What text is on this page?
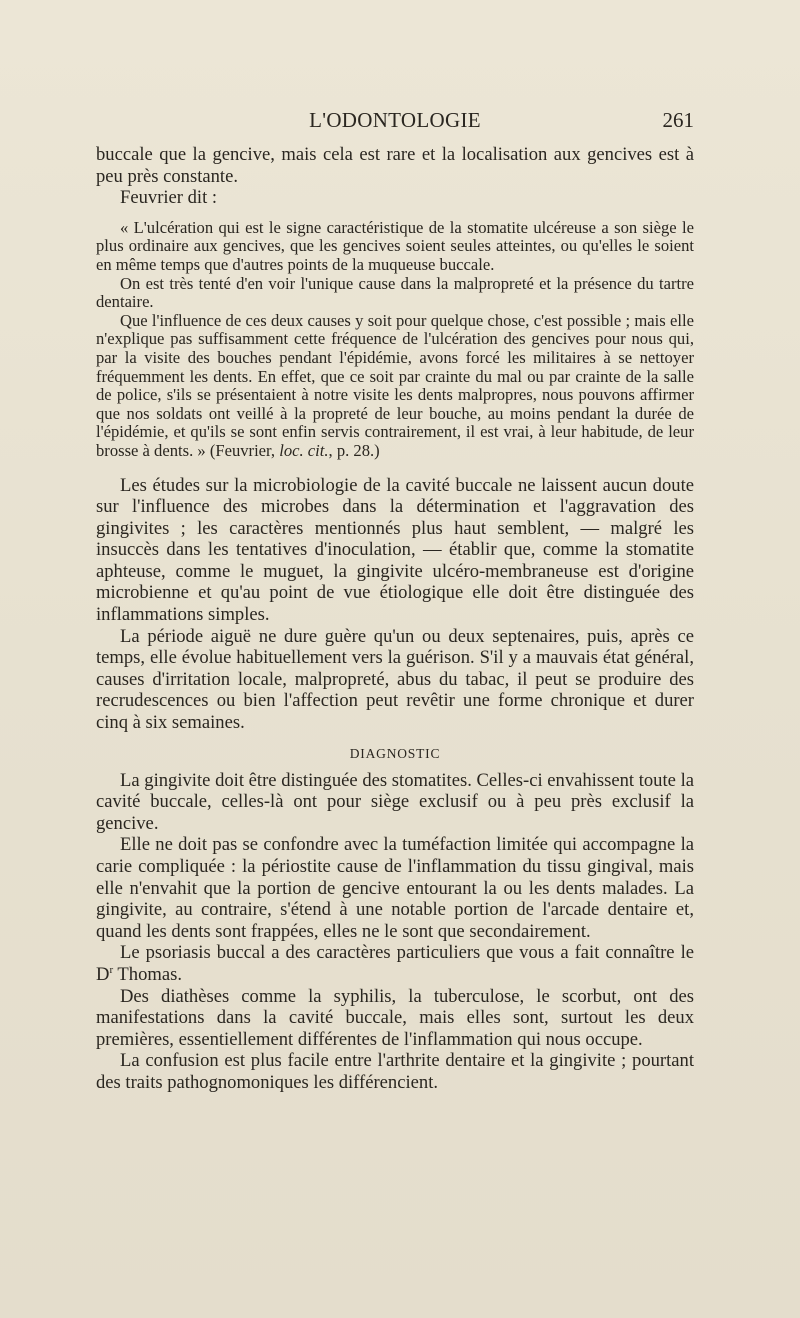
L'ODONTOLOGIE	261

buccale que la gencive, mais cela est rare et la localisation aux gencives est à peu près constante.

Feuvrier dit :

« L'ulcération qui est le signe caractéristique de la stomatite ulcéreuse a son siège le plus ordinaire aux gencives, que les gencives soient seules atteintes, ou qu'elles le soient en même temps que d'autres points de la muqueuse buccale.

On est très tenté d'en voir l'unique cause dans la malpropreté et la présence du tartre dentaire.

Que l'influence de ces deux causes y soit pour quelque chose, c'est possible ; mais elle n'explique pas suffisamment cette fréquence de l'ulcération des gencives pour nous qui, par la visite des bouches pendant l'épidémie, avons forcé les militaires à se nettoyer fréquemment les dents. En effet, que ce soit par crainte du mal ou par crainte de la salle de police, s'ils se présentaient à notre visite les dents malpropres, nous pouvons affirmer que nos soldats ont veillé à la propreté de leur bouche, au moins pendant la durée de l'épidémie, et qu'ils se sont enfin servis contrairement, il est vrai, à leur habitude, de leur brosse à dents. » (Feuvrier, loc. cit., p. 28.)

Les études sur la microbiologie de la cavité buccale ne laissent aucun doute sur l'influence des microbes dans la détermination et l'aggravation des gingivites ; les caractères mentionnés plus haut semblent, — malgré les insuccès dans les tentatives d'inoculation, — établir que, comme la stomatite aphteuse, comme le muguet, la gingivite ulcéro-membraneuse est d'origine microbienne et qu'au point de vue étiologique elle doit être distinguée des inflammations simples.

La période aiguë ne dure guère qu'un ou deux septenaires, puis, après ce temps, elle évolue habituellement vers la guérison. S'il y a mauvais état général, causes d'irritation locale, malpropreté, abus du tabac, il peut se produire des recrudescences ou bien l'affection peut revêtir une forme chronique et durer cinq à six semaines.

DIAGNOSTIC

La gingivite doit être distinguée des stomatites. Celles-ci envahissent toute la cavité buccale, celles-là ont pour siège exclusif ou à peu près exclusif la gencive.

Elle ne doit pas se confondre avec la tuméfaction limitée qui accompagne la carie compliquée : la périostite cause de l'inflammation du tissu gingival, mais elle n'envahit que la portion de gencive entourant la ou les dents malades. La gingivite, au contraire, s'étend à une notable portion de l'arcade dentaire et, quand les dents sont frappées, elles ne le sont que secondairement.

Le psoriasis buccal a des caractères particuliers que vous a fait connaître le $D^r$ Thomas.

Des diathèses comme la syphilis, la tuberculose, le scorbut, ont des manifestations dans la cavité buccale, mais elles sont, surtout les deux premières, essentiellement différentes de l'inflammation qui nous occupe.

La confusion est plus facile entre l'arthrite dentaire et la gingivite ; pourtant des traits pathognomoniques les différencient.
